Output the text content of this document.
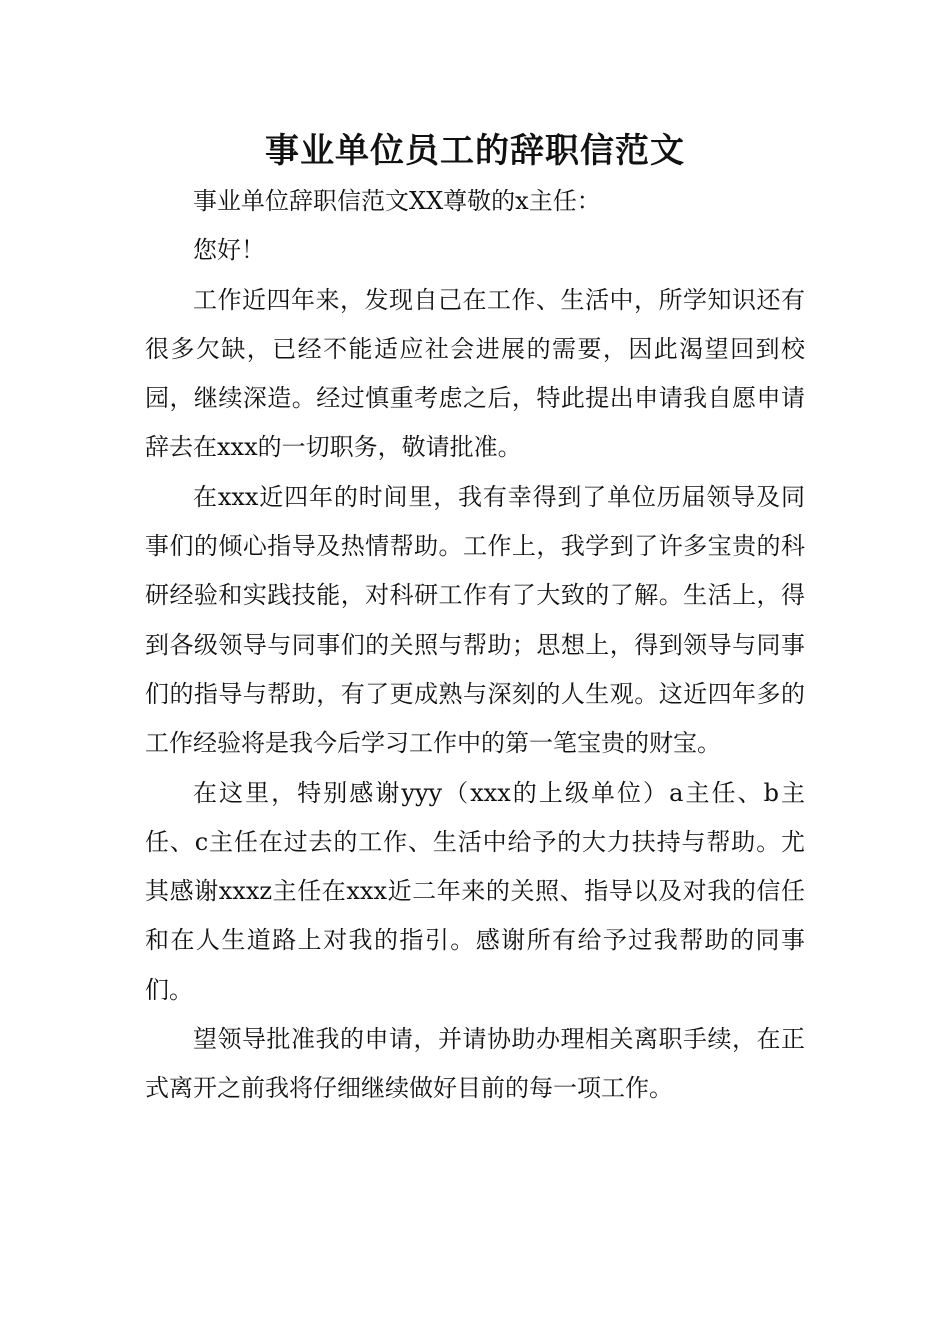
事业单位员工的辞职信范文

事业单位辞职信范文XX尊敬的x主任：

您好！

工作近四年来，发现自己在工作、生活中，所学知识还有很多欠缺，已经不能适应社会进展的需要，因此渴望回到校园，继续深造。经过慎重考虑之后，特此提出申请我自愿申请辞去在xxx的一切职务，敬请批准。

在xxx近四年的时间里，我有幸得到了单位历届领导及同事们的倾心指导及热情帮助。工作上，我学到了许多宝贵的科研经验和实践技能，对科研工作有了大致的了解。生活上，得到各级领导与同事们的关照与帮助；思想上，得到领导与同事们的指导与帮助，有了更成熟与深刻的人生观。这近四年多的工作经验将是我今后学习工作中的第一笔宝贵的财宝。

在这里，特别感谢yyy（xxx的上级单位）a主任、b主任、c主任在过去的工作、生活中给予的大力扶持与帮助。尤其感谢xxxz主任在xxx近二年来的关照、指导以及对我的信任和在人生道路上对我的指引。感谢所有给予过我帮助的同事们。

望领导批准我的申请，并请协助办理相关离职手续，在正式离开之前我将仔细继续做好目前的每一项工作。
